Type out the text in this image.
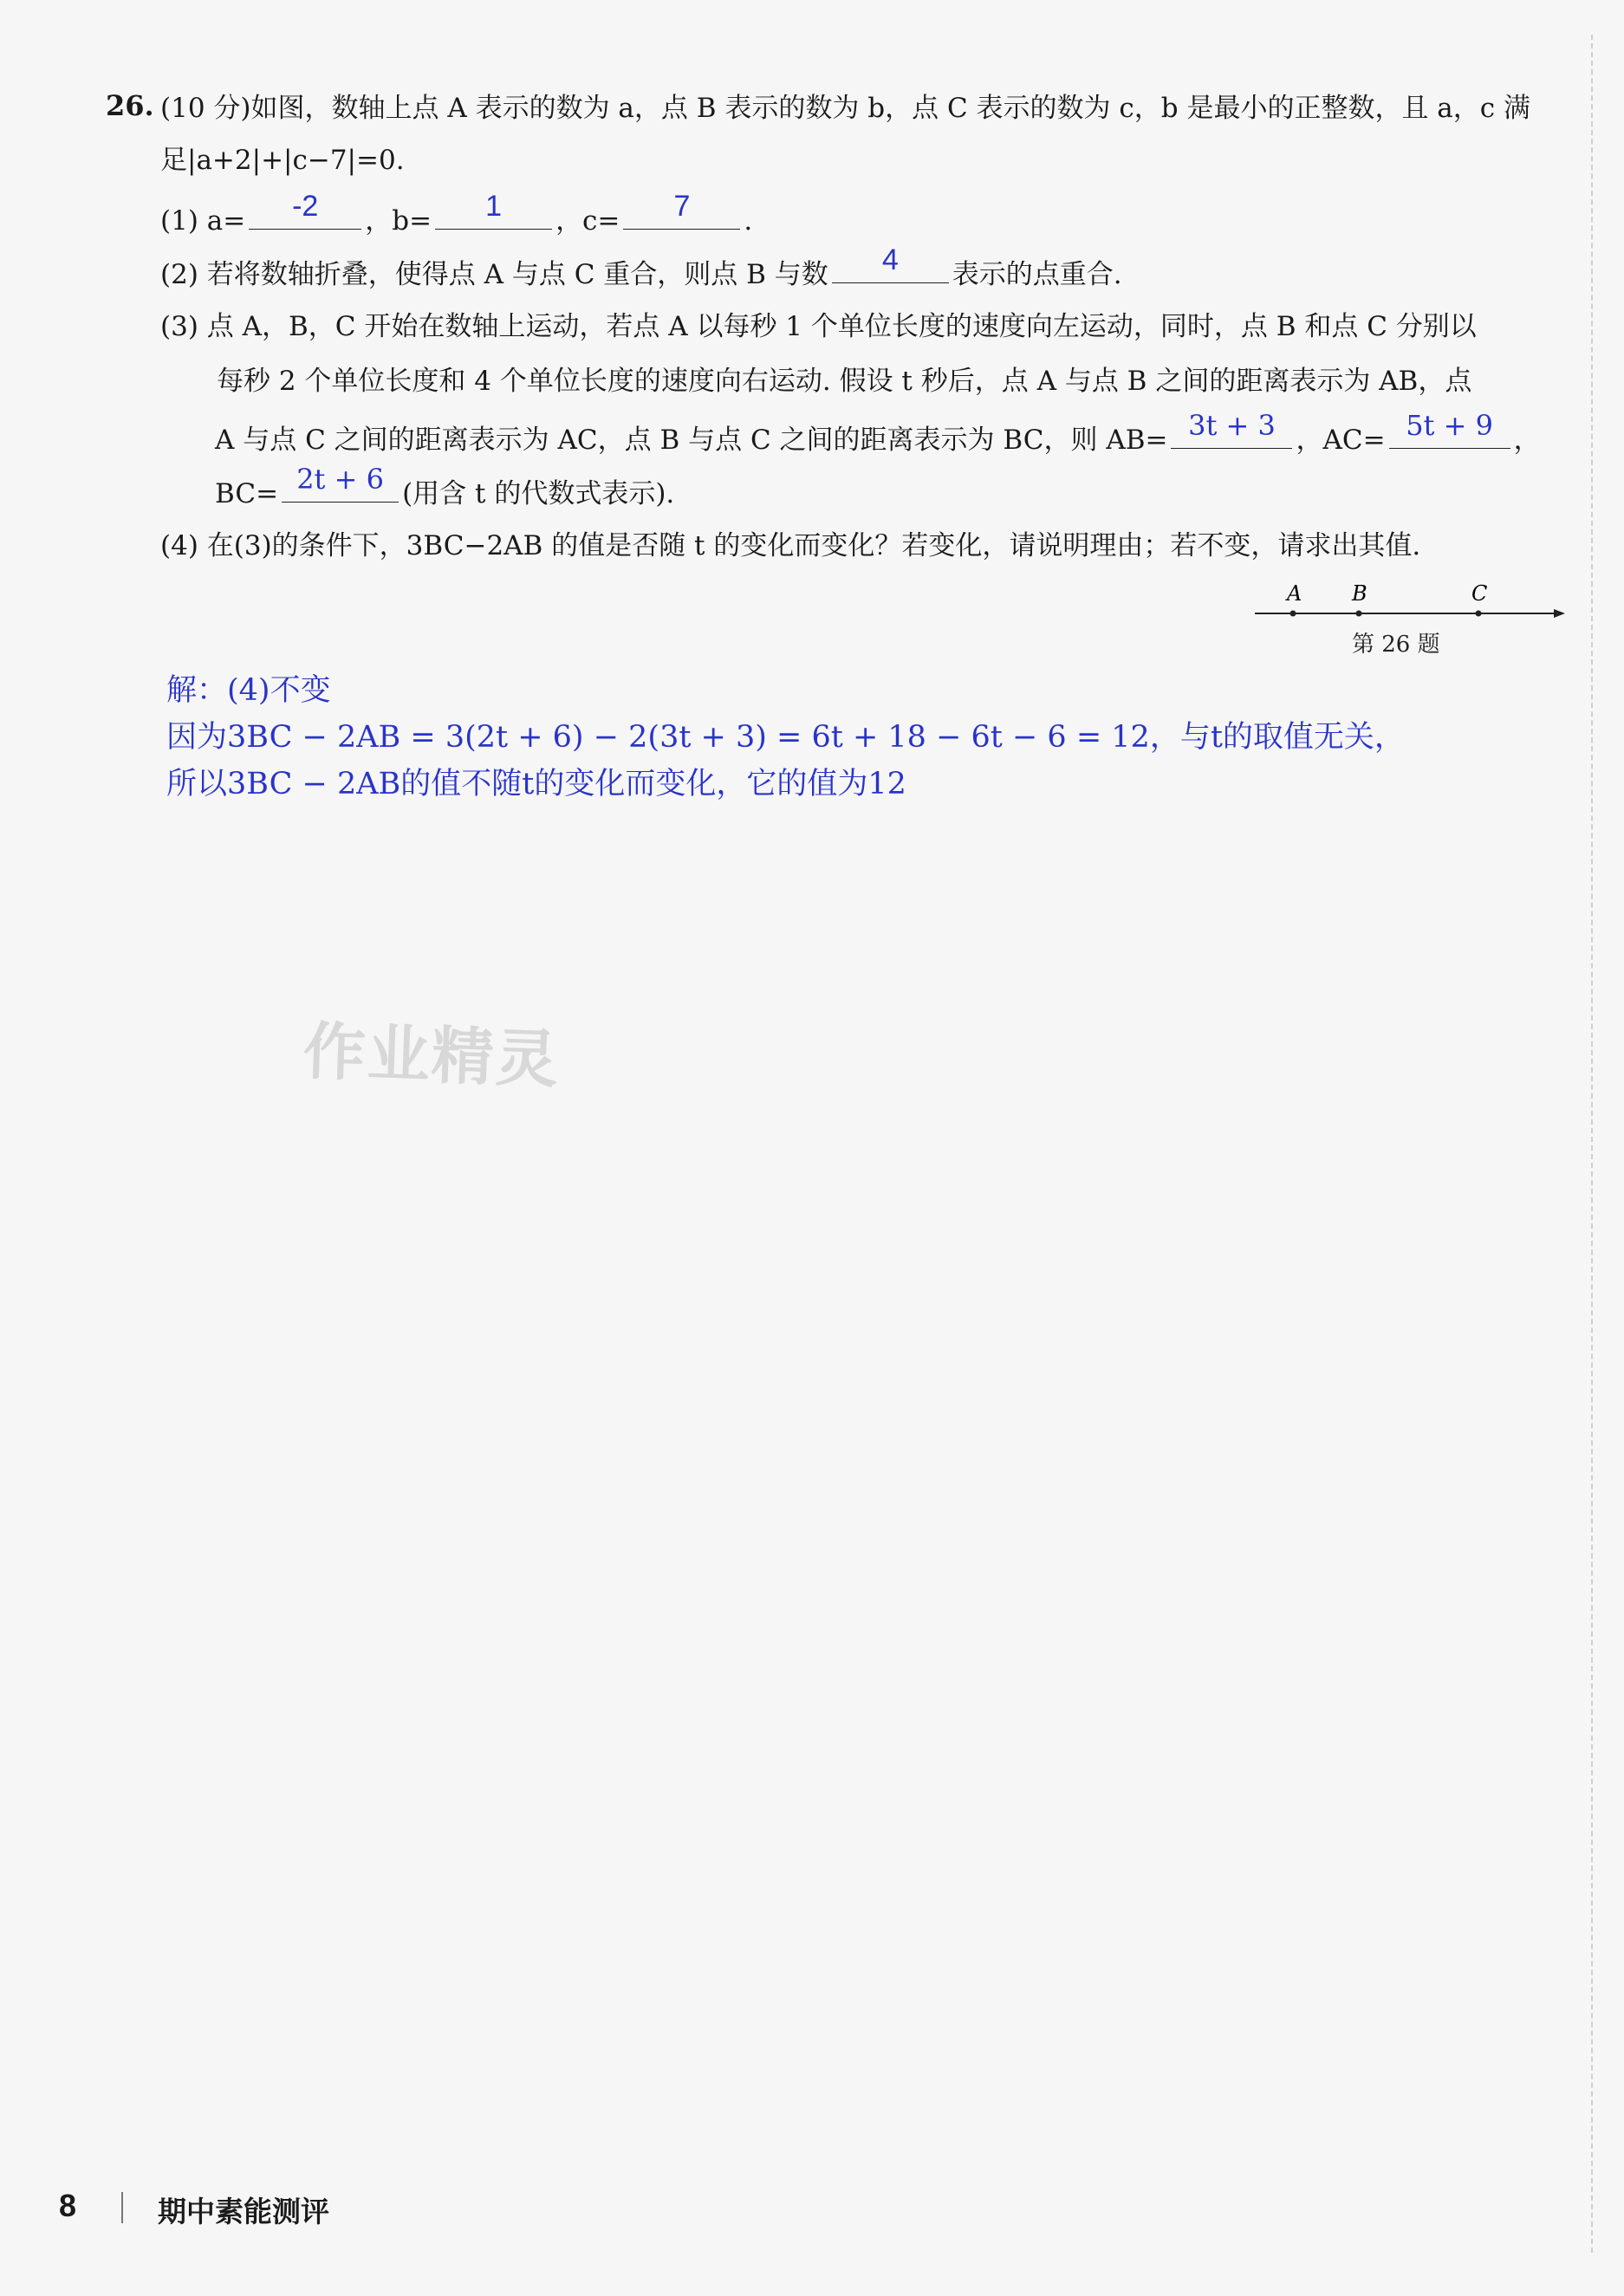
26. (10 分)如图，数轴上点 A 表示的数为 a，点 B 表示的数为 b，点 C 表示的数为 c，b 是最小的正整数，且 a，c 满
足|a+2|+|c−7|=0.
(1) a=	-2	，b=	1	，c=	7	.
(2) 若将数轴折叠，使得点 A 与点 C 重合，则点 B 与数	4	表示的点重合.
(3) 点 A，B，C 开始在数轴上运动，若点 A 以每秒 1 个单位长度的速度向左运动，同时，点 B 和点 C 分别以
每秒 2 个单位长度和 4 个单位长度的速度向右运动. 假设 t 秒后，点 A 与点 B 之间的距离表示为 AB，点
A 与点 C 之间的距离表示为 AC，点 B 与点 C 之间的距离表示为 BC，则 AB= 3t + 3 ，AC= 5t + 9 ，
BC= 2t + 6 (用含 t 的代数式表示).
(4) 在(3)的条件下，3BC−2AB 的值是否随 t 的变化而变化？若变化，请说明理由；若不变，请求出其值.
A B	C
第 26 题
解：(4)不变
因为3BC − 2AB = 3(2t + 6) − 2(3t + 3) = 6t + 18 − 6t − 6 = 12，与t的取值无关，
所以3BC − 2AB的值不随t的变化而变化，它的值为12
作业精灵
8	期中素能测评
